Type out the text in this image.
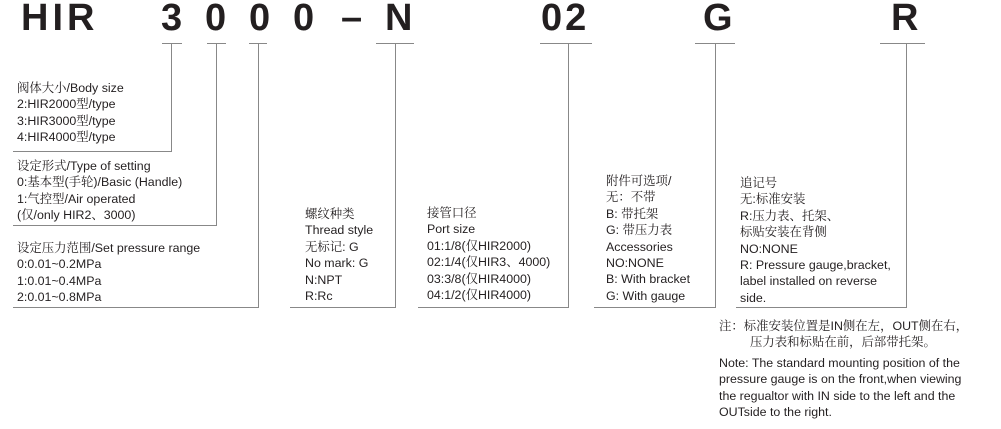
HIR 3 0 0 0 – N	02	G	R
阀体大小/Body size
2:HIR2000型/type
3:HIR3000型/type
4:HIR4000型/type
设定形式/Type of setting
0:基本型(手轮)/Basic (Handle)
1:气控型/Air operated
(仅/only HIR2、3000)
设定压力范围/Set pressure range
0:0.01~0.2MPa
1:0.01~0.4MPa
2:0.01~0.8MPa
螺纹种类
Thread style
无标记: G
No mark: G
N:NPT
R:Rc
接管口径
Port size
01:1/8(仅HIR2000)
02:1/4(仅HIR3、4000)
03:3/8(仅HIR4000)
04:1/2(仅HIR4000)
附件可选项/
无：不带
B: 带托架
G: 带压力表
Accessories
NO:NONE
B: With bracket
G: With gauge
追记号
无:标准安装
R:压力表、托架、
标贴安装在背侧
NO:NONE
R: Pressure gauge,bracket,
label installed on reverse
side.
注：标准安装位置是IN侧在左，OUT侧在右，
压力表和标贴在前，后部带托架。
Note: The standard mounting position of the
pressure gauge is on the front,when viewing
the regualtor with IN side to the left and the
OUTside to the right.
